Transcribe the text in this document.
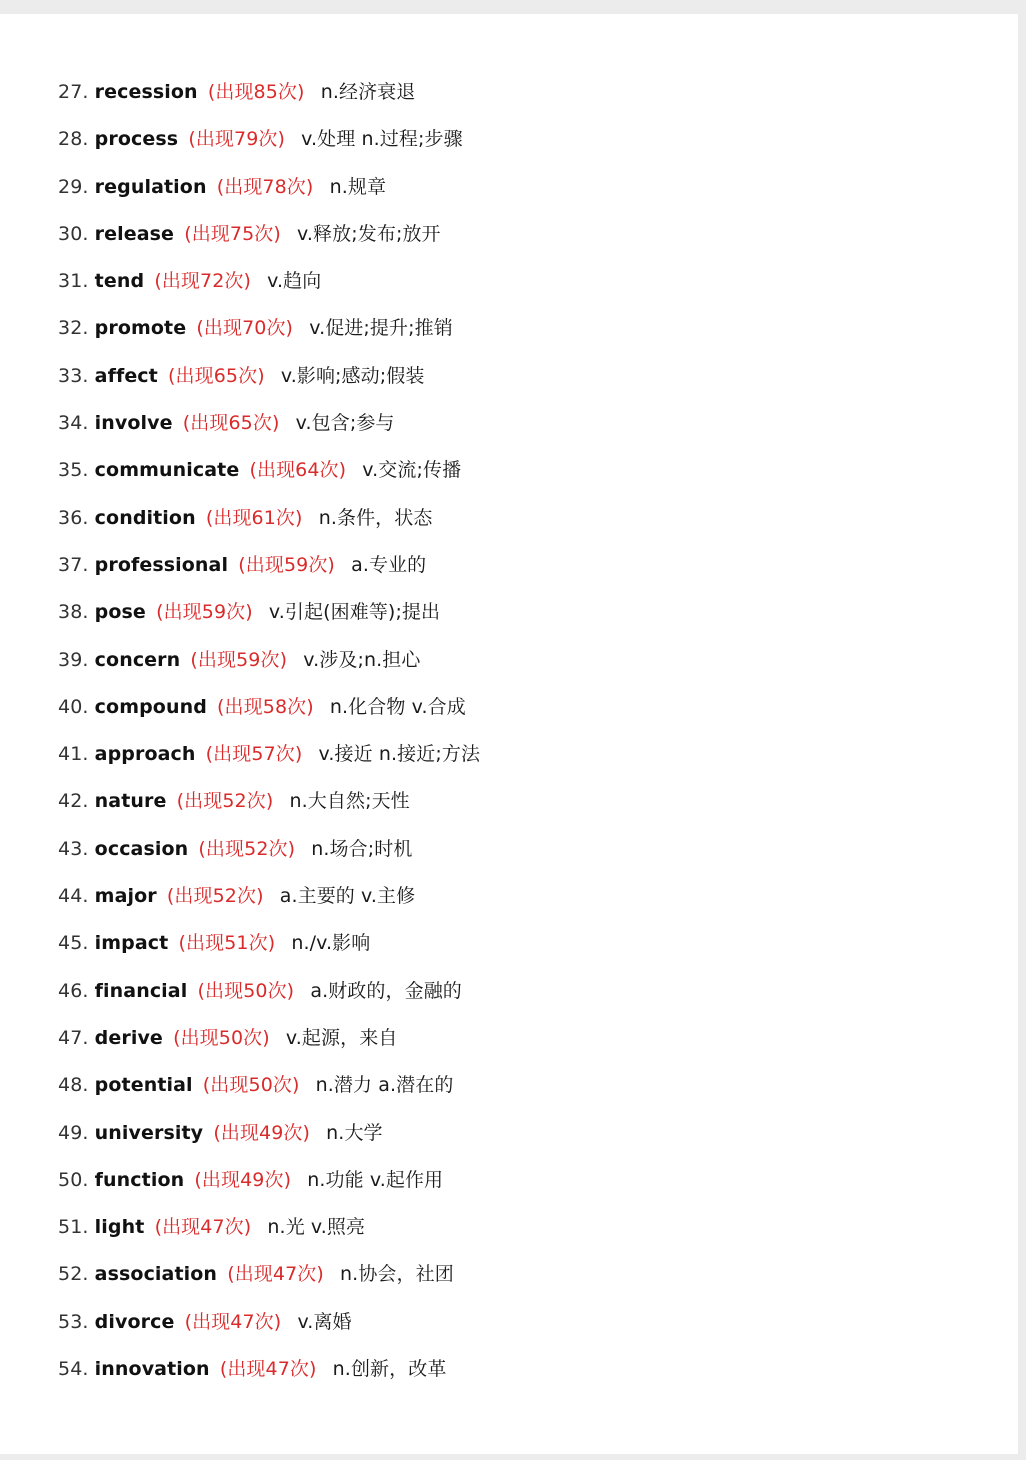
27. recession (出现85次) n.经济衰退
28. process (出现79次) v.处理 n.过程;步骤
29. regulation (出现78次) n.规章
30. release (出现75次) v.释放;发布;放开
31. tend (出现72次) v.趋向
32. promote (出现70次) v.促进;提升;推销
33. affect (出现65次) v.影响;感动;假装
34. involve (出现65次) v.包含;参与
35. communicate (出现64次) v.交流;传播
36. condition (出现61次) n.条件，状态
37. professional (出现59次) a.专业的
38. pose (出现59次) v.引起(困难等);提出
39. concern (出现59次) v.涉及;n.担心
40. compound (出现58次) n.化合物 v.合成
41. approach (出现57次) v.接近 n.接近;方法
42. nature (出现52次) n.大自然;天性
43. occasion (出现52次) n.场合;时机
44. major (出现52次) a.主要的 v.主修
45. impact (出现51次) n./v.影响
46. financial (出现50次) a.财政的，金融的
47. derive (出现50次) v.起源，来自
48. potential (出现50次) n.潜力 a.潜在的
49. university (出现49次) n.大学
50. function (出现49次) n.功能 v.起作用
51. light (出现47次) n.光 v.照亮
52. association (出现47次) n.协会，社团
53. divorce (出现47次) v.离婚
54. innovation (出现47次) n.创新，改革
